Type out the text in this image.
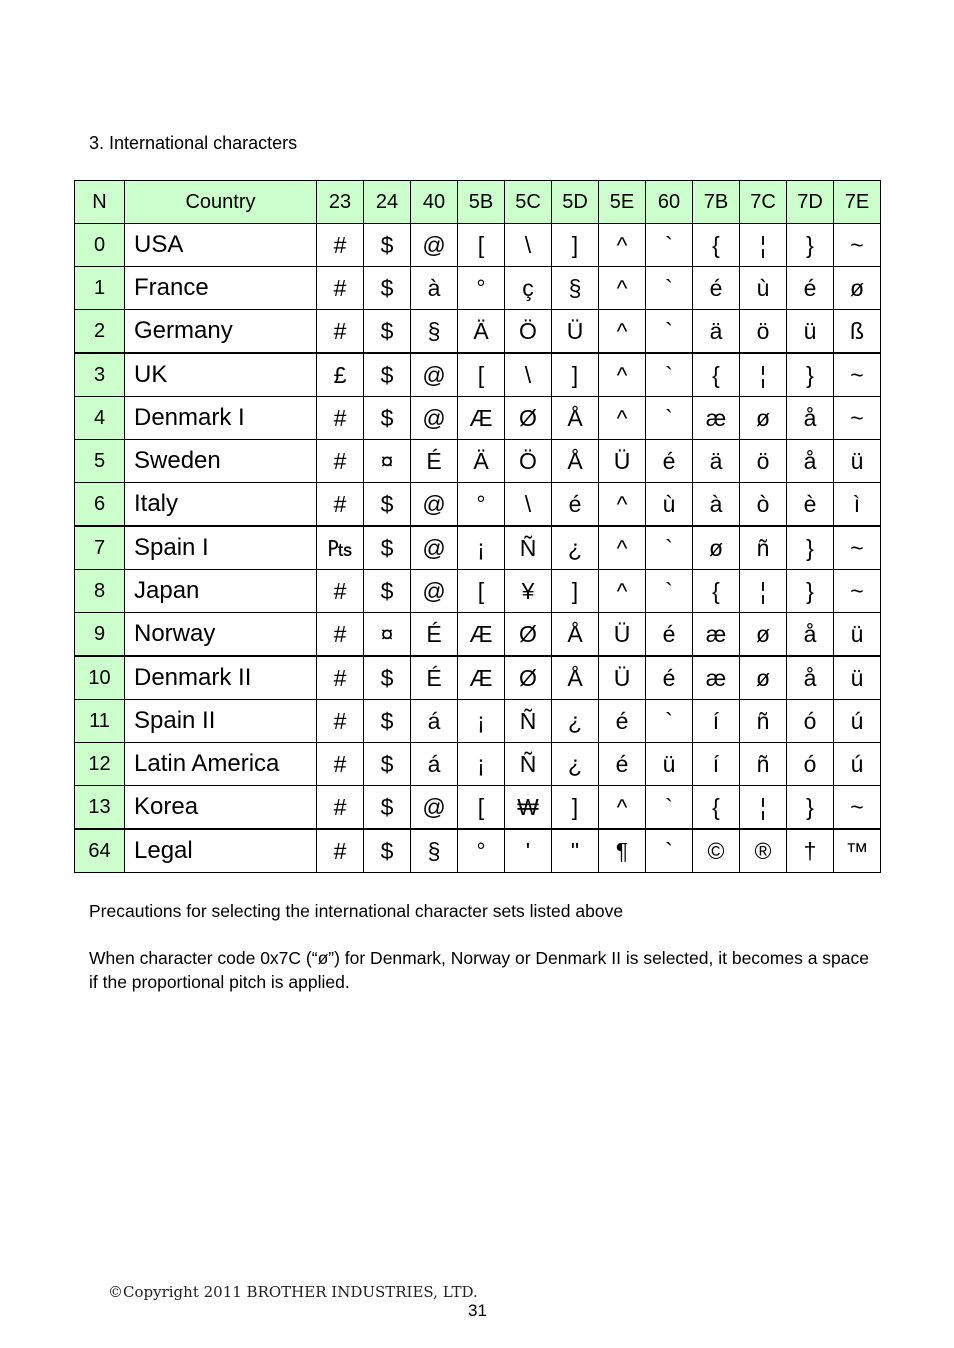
3. International characters
N	Country	23	24	40	5B	5C	5D	5E	60	7B	7C	7D	7E
0	USA	#	$	@	[	\	]	^	`	{	¦	}	~
1	France	#	$	à	°	ç	§	^	`	é	ù	é	ø
2	Germany	#	$	§	Ä	Ö	Ü	^	`	ä	ö	ü	ß
3	UK	£	$	@	[	\	]	^	`	{	¦	}	~
4	Denmark I	#	$	@	Æ	Ø	Å	^	`	æ	ø	å	~
5	Sweden	#	¤	É	Ä	Ö	Å	Ü	é	ä	ö	å	ü
6	Italy	#	$	@	°	\	é	^	ù	à	ò	è	ì
7	Spain I	₧	$	@	¡	Ñ	¿	^	`	ø	ñ	}	~
8	Japan	#	$	@	[	¥	]	^	`	{	¦	}	~
9	Norway	#	¤	É	Æ	Ø	Å	Ü	é	æ	ø	å	ü
10	Denmark II	#	$	É	Æ	Ø	Å	Ü	é	æ	ø	å	ü
11	Spain II	#	$	á	¡	Ñ	¿	é	`	í	ñ	ó	ú
12	Latin America	#	$	á	¡	Ñ	¿	é	ü	í	ñ	ó	ú
13	Korea	#	$	@	[	₩	]	^	`	{	¦	}	~
64	Legal	#	$	§	°	'	"	¶	`	©	®	†	™
Precautions for selecting the international character sets listed above
When character code 0x7C (“ø”) for Denmark, Norway or Denmark II is selected, it becomes a space if the proportional pitch is applied.
©Copyright 2011 BROTHER INDUSTRIES, LTD.
31
